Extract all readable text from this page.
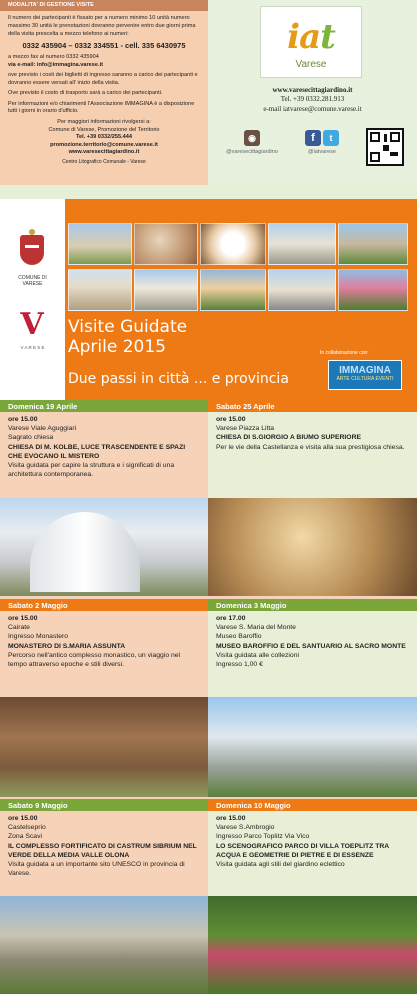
MODALITA' DI GESTIONE VISITE

Il numero dei partecipanti è fissato per a numero minimo 10 unità numero massimo 30 unità le prenotazioni dovranno pervenire entro due giorni prima della visita prescelta a mezzo telefono ai numeri:

0332 435904 – 0332 334551 - cell. 335 6430975
a mezzo fax al numero 0332 435904

via e-mail: info@immagina.varese.it

ove previsto i costi dei biglietti di ingresso saranno a carico dei partecipanti e dovranno essere versati all' inizio della visita.

Ove previsto il costo di trasporto sarà a carico dei partecipanti.

Per informazioni e/o chiarimenti l'Associazione IMMAGINA è a disposizione tutti i giorni in orario d'ufficio.

Per maggiori informazioni rivolgersi a:
Comune di Varese, Promozione del Territorio
Tel. +39 0332/255.444
promozione.territorio@comune.varese.it
www.varesecittagiardino.it
Centro Litografico Comunale - Varese
iat
Varese
www.varesecittagiardino.it
Tel. +39 0332.281.913
e-mail iatvarese@comune.varese.it
◉
@varesecittagiardino
f	t
@iatvarese
COMUNE DI
VARESE
V
V A R E S E
Visite Guidate
Aprile 2015
Due passi in città ... e provincia
In collaborazione con:
IMMAGINA
ARTE CULTURA EVENTI
Domenica 19 Aprile
ore 15.00
Varese Viale Aguggiari
Sagrato chiesa
CHIESA DI M. KOLBE, LUCE TRASCENDENTE E SPAZI CHE EVOCANO IL MISTERO
Visita guidata per capire la struttura e i significati di una architettura contemporanea.
Sabato 25 Aprile
ore 15.00
Varese Piazza Litta
CHIESA DI S.GIORGIO A BIUMO SUPERIORE
Per le vie della Castellanza e visita alla sua prestigiosa chiesa.
Sabato 2 Maggio
ore 15.00
Cairate
Ingresso Monastero
MONASTERO DI S.MARIA ASSUNTA
Percorso nell'antico complesso monastico, un viaggio nel tempo attraverso epoche e stili diversi.
Domenica 3 Maggio
ore 17.00
Varese S. Maria del Monte
Museo Baroffio
MUSEO BAROFFIO E DEL SANTUARIO AL SACRO MONTE
Visita guidata alle collezioni
Ingresso 1,00 €
Sabato 9 Maggio
ore 15.00
Castelseprio
Zona Scavi
IL COMPLESSO FORTIFICATO DI CASTRUM SIBRIUM NEL VERDE DELLA MEDIA VALLE OLONA
Visita guidata a un importante sito UNESCO in provincia di Varese.
Domenica 10 Maggio
ore 15.00
Varese S.Ambrogio
Ingresso Parco Toplitz Via Vico
LO SCENOGRAFICO PARCO DI VILLA TOEPLITZ TRA ACQUA E GEOMETRIE DI PIETRE E DI ESSENZE
Visita guidata agli stili del giardino eclettico
